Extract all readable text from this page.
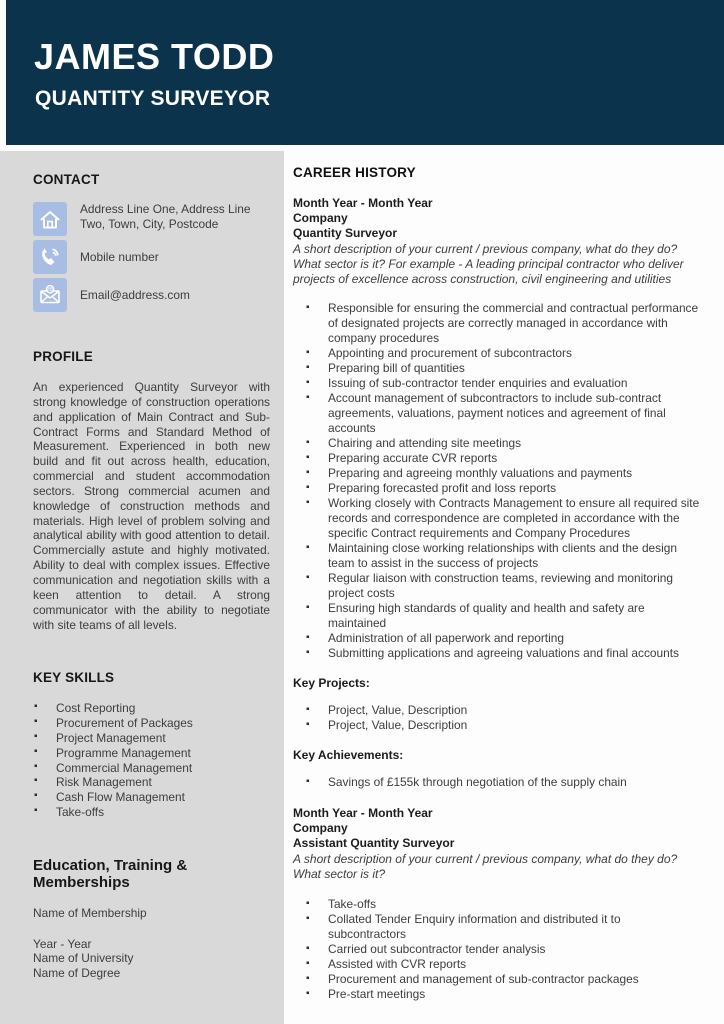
JAMES TODD
QUANTITY SURVEYOR
CONTACT
Address Line One, Address Line Two, Town, City, Postcode
Mobile number
@ Email@address.com
PROFILE
An experienced Quantity Surveyor with strong knowledge of construction operations and application of Main Contract and Sub-Contract Forms and Standard Method of Measurement. Experienced in both new build and fit out across health, education, commercial and student accommodation sectors. Strong commercial acumen and knowledge of construction methods and materials. High level of problem solving and analytical ability with good attention to detail. Commercially astute and highly motivated. Ability to deal with complex issues. Effective communication and negotiation skills with a keen attention to detail. A strong communicator with the ability to negotiate with site teams of all levels.
KEY SKILLS
▪ Cost Reporting
▪ Procurement of Packages
▪ Project Management
▪ Programme Management
▪ Commercial Management
▪ Risk Management
▪ Cash Flow Management
▪ Take-offs
Education, Training & Memberships
Name of Membership
Year - Year
Name of University
Name of Degree
CAREER HISTORY
Month Year - Month Year
Company
Quantity Surveyor
A short description of your current / previous company, what do they do? What sector is it? For example - A leading principal contractor who deliver projects of excellence across construction, civil engineering and utilities
▪ Responsible for ensuring the commercial and contractual performance of designated projects are correctly managed in accordance with company procedures
▪ Appointing and procurement of subcontractors
▪ Preparing bill of quantities
▪ Issuing of sub-contractor tender enquiries and evaluation
▪ Account management of subcontractors to include sub-contract agreements, valuations, payment notices and agreement of final accounts
▪ Chairing and attending site meetings
▪ Preparing accurate CVR reports
▪ Preparing and agreeing monthly valuations and payments
▪ Preparing forecasted profit and loss reports
▪ Working closely with Contracts Management to ensure all required site records and correspondence are completed in accordance with the specific Contract requirements and Company Procedures
▪ Maintaining close working relationships with clients and the design team to assist in the success of projects
▪ Regular liaison with construction teams, reviewing and monitoring project costs
▪ Ensuring high standards of quality and health and safety are maintained
▪ Administration of all paperwork and reporting
▪ Submitting applications and agreeing valuations and final accounts
Key Projects:
▪ Project, Value, Description
▪ Project, Value, Description
Key Achievements:
▪ Savings of £155k through negotiation of the supply chain
Month Year - Month Year
Company
Assistant Quantity Surveyor
A short description of your current / previous company, what do they do? What sector is it?
▪ Take-offs
▪ Collated Tender Enquiry information and distributed it to subcontractors
▪ Carried out subcontractor tender analysis
▪ Assisted with CVR reports
▪ Procurement and management of sub-contractor packages
▪ Pre-start meetings
